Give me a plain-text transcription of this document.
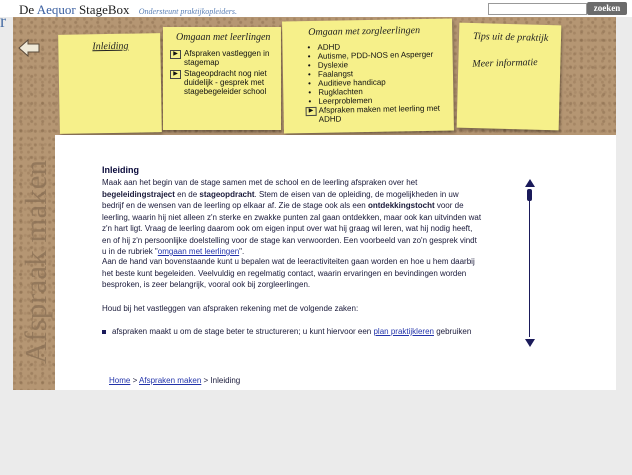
De Aequor StageBox Ondersteunt praktijkopleiders.	zoeken
r
Afspraak maken
Inleiding
Omgaan met leerlingen
▶ Afspraken vastleggen in stagemap
▶ Stageopdracht nog niet duidelijk - gesprek met stagebegeleider school
Omgaan met zorgleerlingen
• ADHD
• Autisme, PDD-NOS en Asperger
• Dyslexie
• Faalangst
• Auditieve handicap
• Rugklachten
• Leerproblemen
▶ Afspraken maken met leerling met ADHD
Tips uit de praktijk
Meer informatie
Inleiding
Maak aan het begin van de stage samen met de school en de leerling afspraken over het begeleidingstraject en de stageopdracht. Stem de eisen van de opleiding, de mogelijkheden in uw bedrijf en de wensen van de leerling op elkaar af. Zie de stage ook als een ontdekkingstocht voor de leerling, waarin hij niet alleen z'n sterke en zwakke punten zal gaan ontdekken, maar ook kan uitvinden wat z'n hart ligt. Vraag de leerling daarom ook om eigen input over wat hij graag wil leren, wat hij nodig heeft, en of hij z'n persoonlijke doelstelling voor de stage kan verwoorden. Een voorbeeld van zo'n gesprek vindt u in de rubriek "omgaan met leerlingen".
Aan de hand van bovenstaande kunt u bepalen wat de leeractiviteiten gaan worden en hoe u hem daarbij het beste kunt begeleiden. Veelvuldig en regelmatig contact, waarin ervaringen en bevindingen worden besproken, is zeer belangrijk, vooral ook bij zorgleerlingen.
Houd bij het vastleggen van afspraken rekening met de volgende zaken:
afspraken maakt u om de stage beter te structureren; u kunt hiervoor een plan praktijkleren gebruiken
Home > Afspraken maken > Inleiding
